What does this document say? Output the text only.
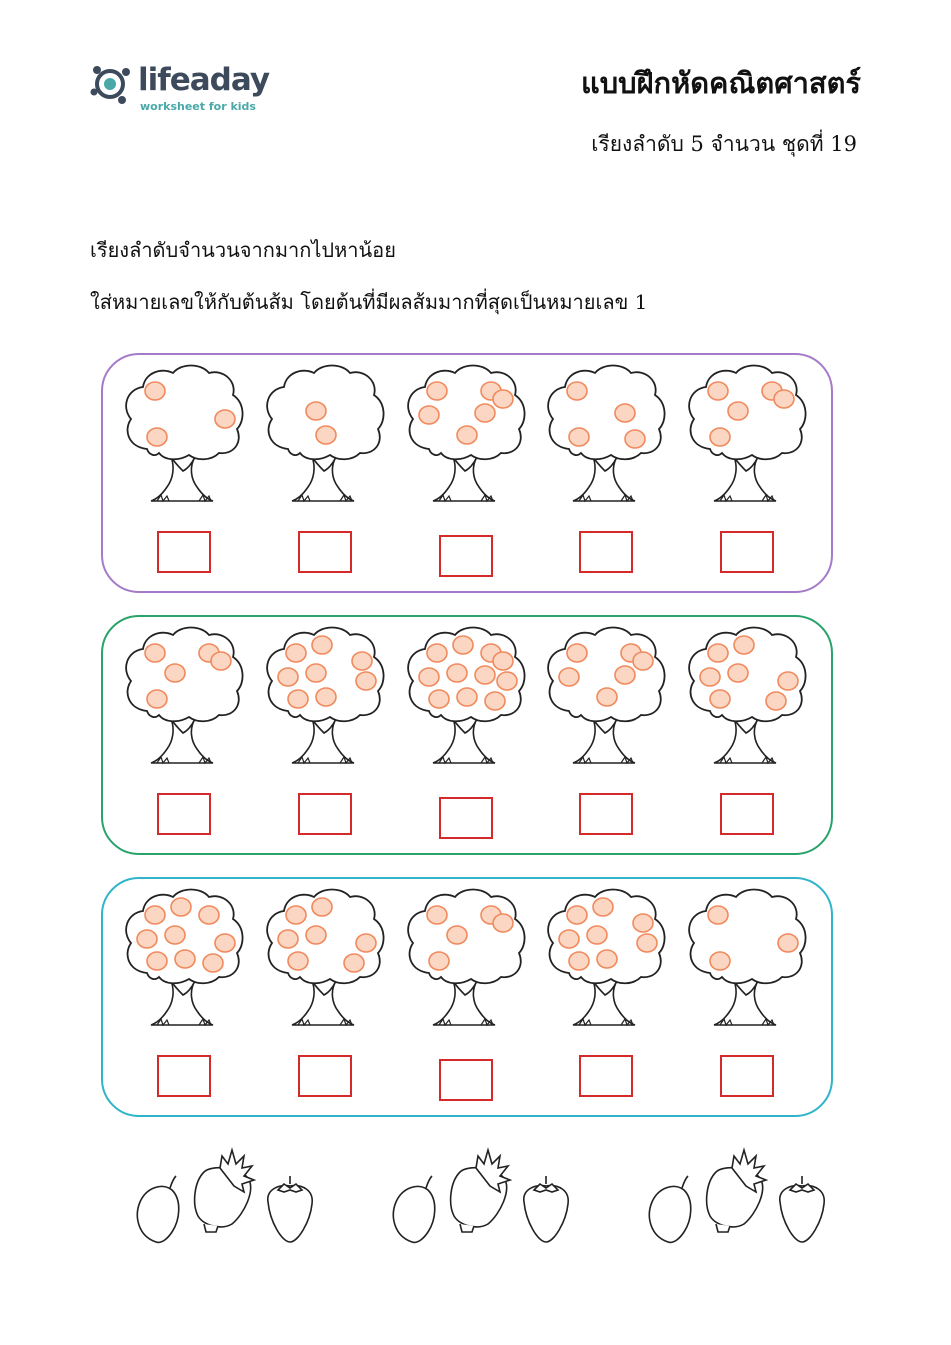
lifeaday
worksheet for kids
แบบฝึกหัดคณิตศาสตร์
เรียงลำดับ 5 จำนวน ชุดที่ 19
เรียงลำดับจำนวนจากมากไปหาน้อย
ใส่หมายเลขให้กับต้นส้ม โดยต้นที่มีผลส้มมากที่สุดเป็นหมายเลข 1
